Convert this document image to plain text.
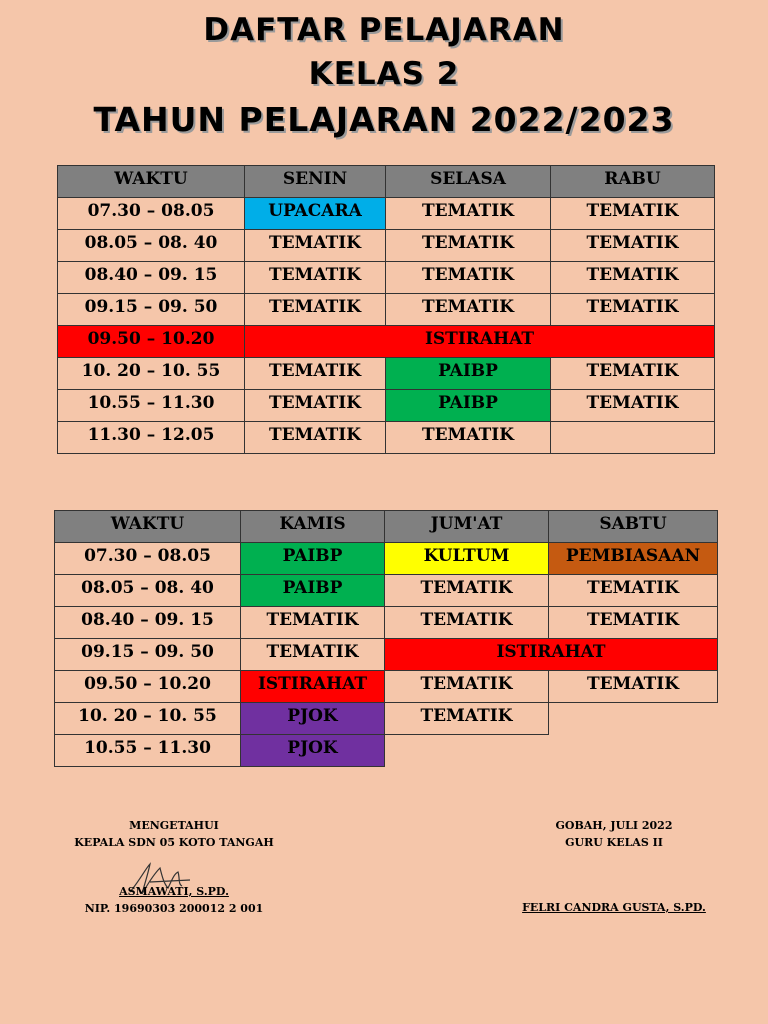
DAFTAR PELAJARAN
KELAS 2
TAHUN PELAJARAN 2022/2023
WAKTU	SENIN	SELASA	RABU
07.30 – 08.05	UPACARA	TEMATIK	TEMATIK
08.05 – 08. 40	TEMATIK	TEMATIK	TEMATIK
08.40 – 09. 15	TEMATIK	TEMATIK	TEMATIK
09.15 – 09. 50	TEMATIK	TEMATIK	TEMATIK
09.50 – 10.20	ISTIRAHAT		
10. 20 – 10. 55	TEMATIK	PAIBP	TEMATIK
10.55 – 11.30	TEMATIK	PAIBP	TEMATIK
11.30 – 12.05	TEMATIK	TEMATIK	
WAKTU	KAMIS	JUM'AT	SABTU
07.30 – 08.05	PAIBP	KULTUM	PEMBIASAAN
08.05 – 08. 40	PAIBP	TEMATIK	TEMATIK
08.40 – 09. 15	TEMATIK	TEMATIK	TEMATIK
09.15 – 09. 50	TEMATIK	ISTIRAHAT	
09.50 – 10.20	ISTIRAHAT	TEMATIK	TEMATIK
10. 20 – 10. 55	PJOK	TEMATIK	
10.55 – 11.30	PJOK		
MENGETAHUI
KEPALA SDN 05 KOTO TANGAH
ASMAWATI, S.PD.
NIP. 19690303 200012 2 001
GOBAH, JULI 2022
GURU KELAS II
FELRI CANDRA GUSTA, S.PD.
